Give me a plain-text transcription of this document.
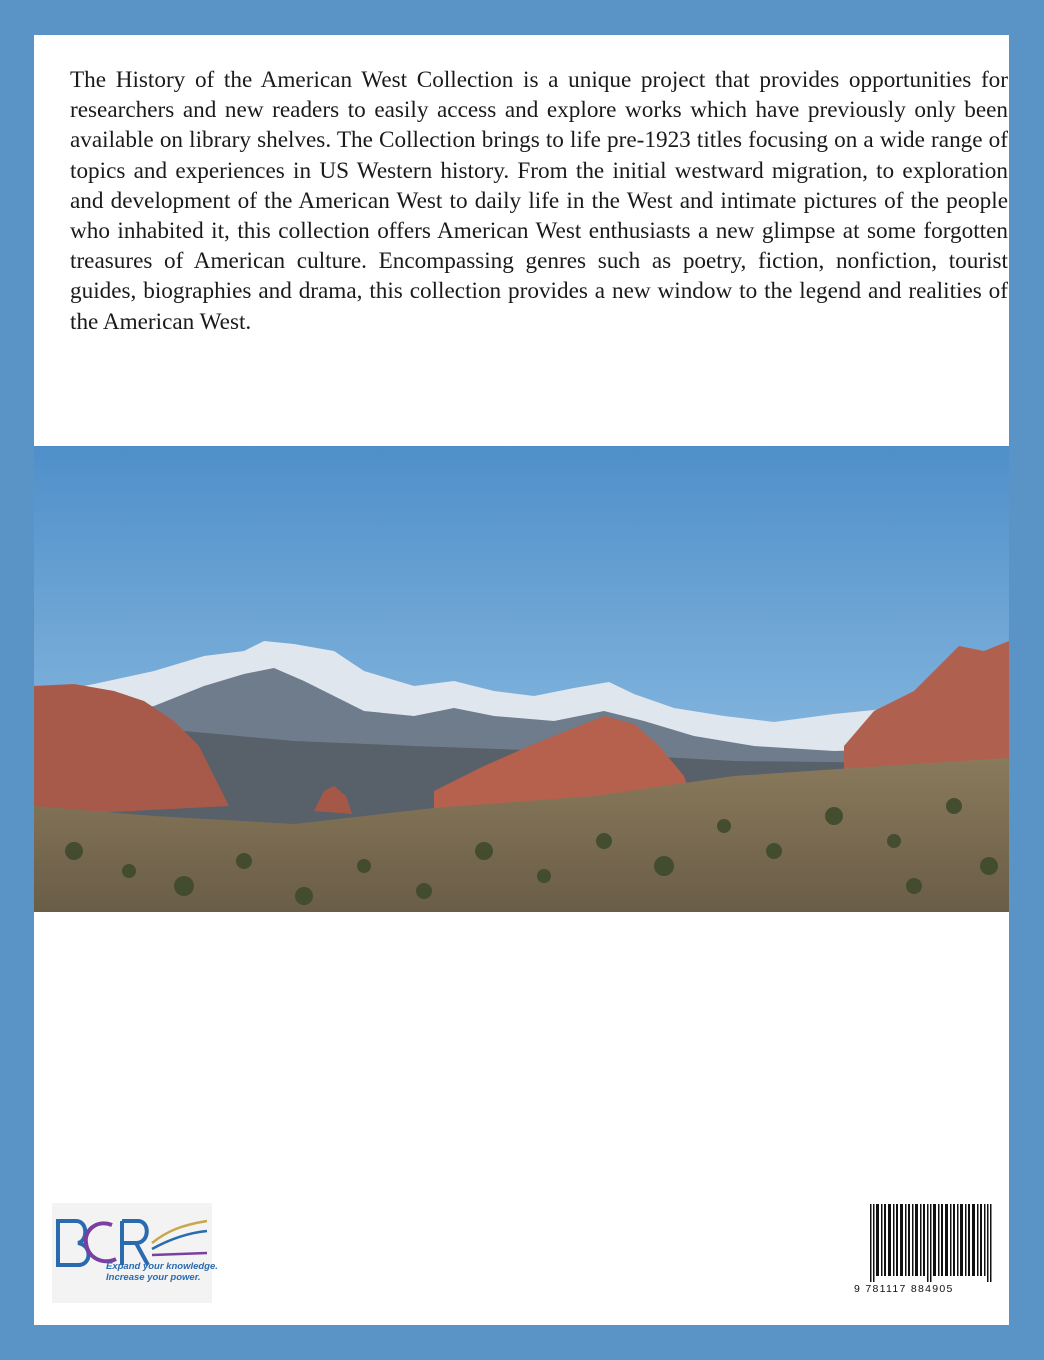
The History of the American West Collection is a unique project that provides opportunities for researchers and new readers to easily access and explore works which have previously only been available on library shelves. The Collection brings to life pre-1923 titles focusing on a wide range of topics and experiences in US Western history. From the initial westward migration, to exploration and development of the American West to daily life in the West and intimate pictures of the people who inhabited it, this collection offers American West enthusiasts a new glimpse at some forgotten treasures of American culture. Encompassing genres such as poetry, fiction, nonfiction, tourist guides, biographies and drama, this collection provides a new window to the legend and realities of the American West.

Expand your knowledge.
Increase your power.
9 781117 884905
